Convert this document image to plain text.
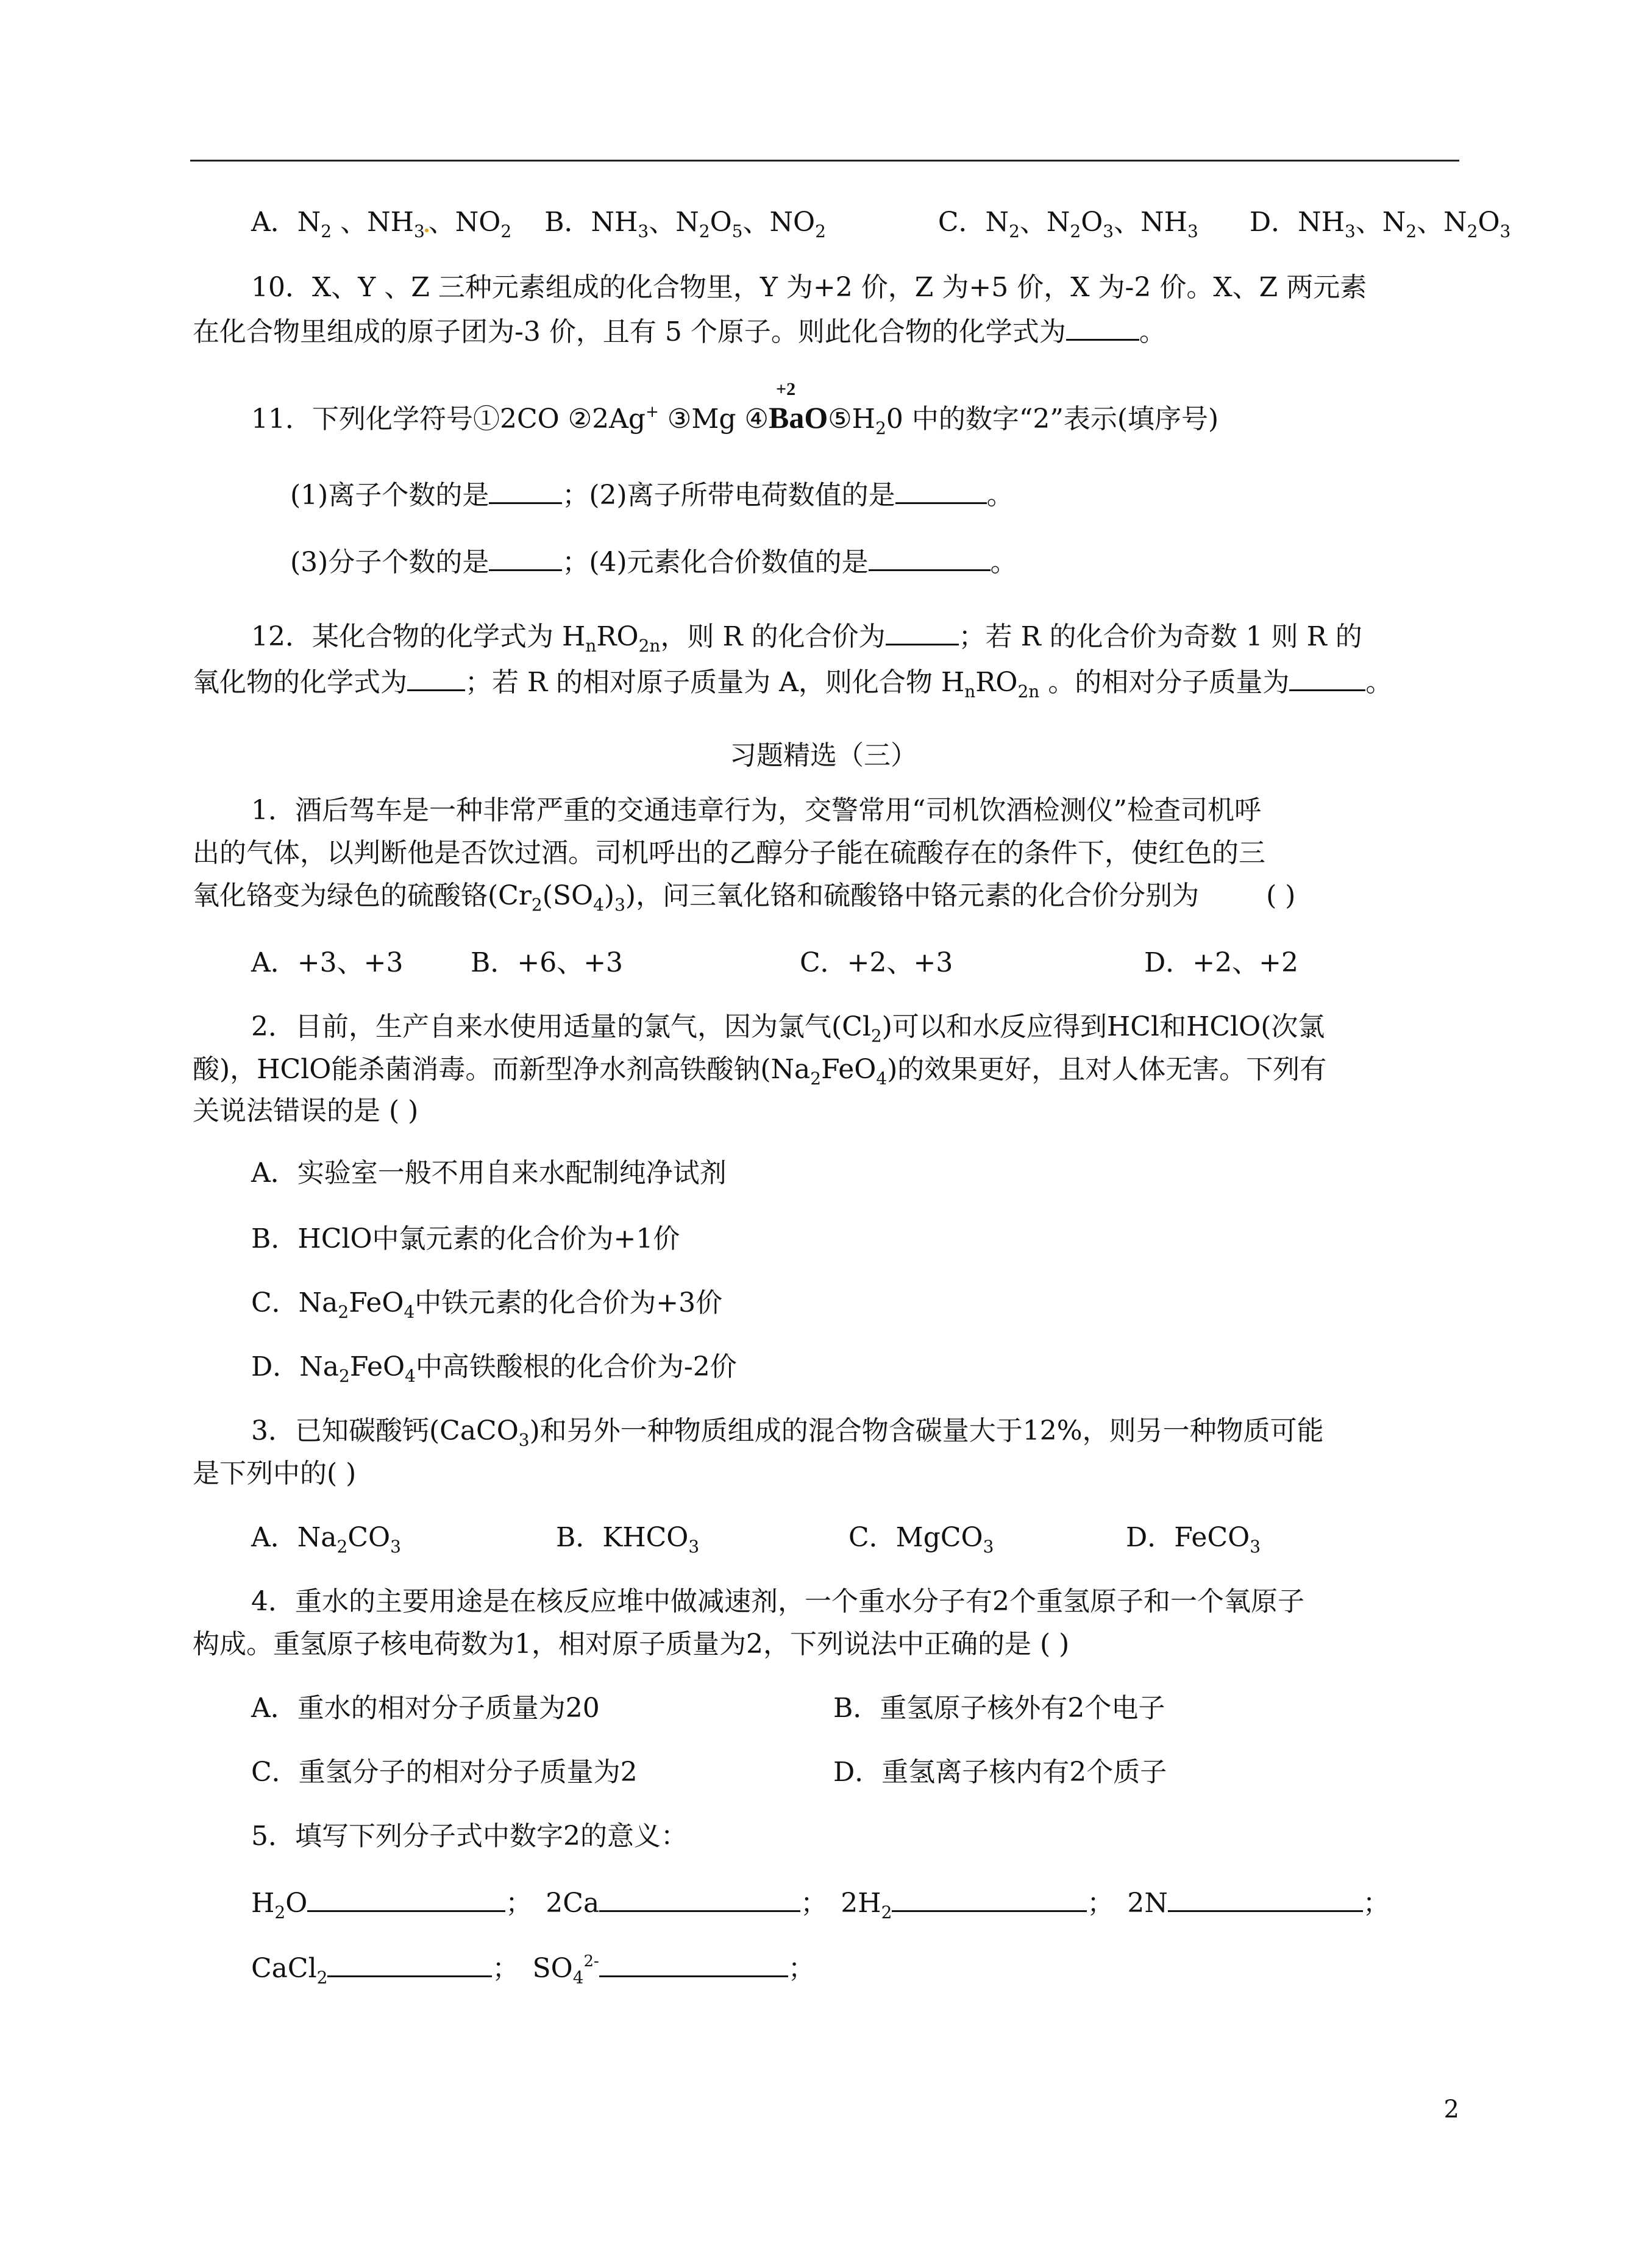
A．$N_2$ 、$NH_3$ 、$NO_2$ B．$NH_3$、$N_2O_5$、$NO_2$	C．$N_2$、$N_2O_3$、$NH_3$ D．$NH_3$、$N_2$、$N_2O_3$
10．X、Y 、Z 三种元素组成的化合物里，Y 为+2 价，Z 为+5 价，X 为-2 价。X、Z 两元素
在化合物里组成的原子团为-3 价，且有 5 个原子。则此化合物的化学式为	。
11．下列化学符号①2CO ②2Ag+ ③Mg ④
+2
$BaO⑤H_20$ 中的数字“2”表示(填序号)
(1)离子个数的是	；(2)离子所带电荷数值的是	。
(3)分子个数的是	；(4)元素化合价数值的是	。
12．某化合物的化学式为 $H_nRO_{2n}$，则 R 的化合价为	；若 R 的化合价为奇数 1 则 R 的
氧化物的化学式为 ；若 R 的相对原子质量为 A，则化合物 $H_nRO_{2n}$ 。的相对分子质量为	。
习题精选（三）
1．酒后驾车是一种非常严重的交通违章行为，交警常用“司机饮酒检测仪”检查司机呼
出的气体，以判断他是否饮过酒。司机呼出的乙醇分子能在硫酸存在的条件下，使红色的三
氧化铬变为绿色的硫酸铬$(Cr_2(SO_4)_3)$，问三氧化铬和硫酸铬中铬元素的化合价分别为	( )
A．+3、+3	B．+6、+3	C．+2、+3	D．+2、+2
2．目前，生产自来水使用适量的氯气，因为氯气$(Cl_2)$可以和水反应得到HCl和HClO(次氯
酸)，HClO能杀菌消毒。而新型净水剂高铁酸钠$(Na_2FeO_4)$的效果更好，且对人体无害。下列有
关说法错误的是 ( )
A．实验室一般不用自来水配制纯净试剂
B．HClO中氯元素的化合价为+1价
C．$Na_2FeO_4$中铁元素的化合价为+3价
D．$Na_2FeO_4$中高铁酸根的化合价为-2价
3．已知碳酸钙(CaCO$_3$)和另外一种物质组成的混合物含碳量大于12%，则另一种物质可能
是下列中的( )
A．$Na_2CO_3$	B．$KHCO_3$	C．MgCO$_3$	D．FeCO$_3$
4．重水的主要用途是在核反应堆中做减速剂，一个重水分子有2个重氢原子和一个氧原子
构成。重氢原子核电荷数为1，相对原子质量为2，下列说法中正确的是 ( )
A．重水的相对分子质量为20	B．重氢原子核外有2个电子
C．重氢分子的相对分子质量为2	D．重氢离子核内有2个质子
5．填写下列分子式中数字2的意义：
$H_2O$	； 2Ca	； $2H_2$	； 2N	；
CaCl$_2$	； $SO_4^{2-}$	；
2
